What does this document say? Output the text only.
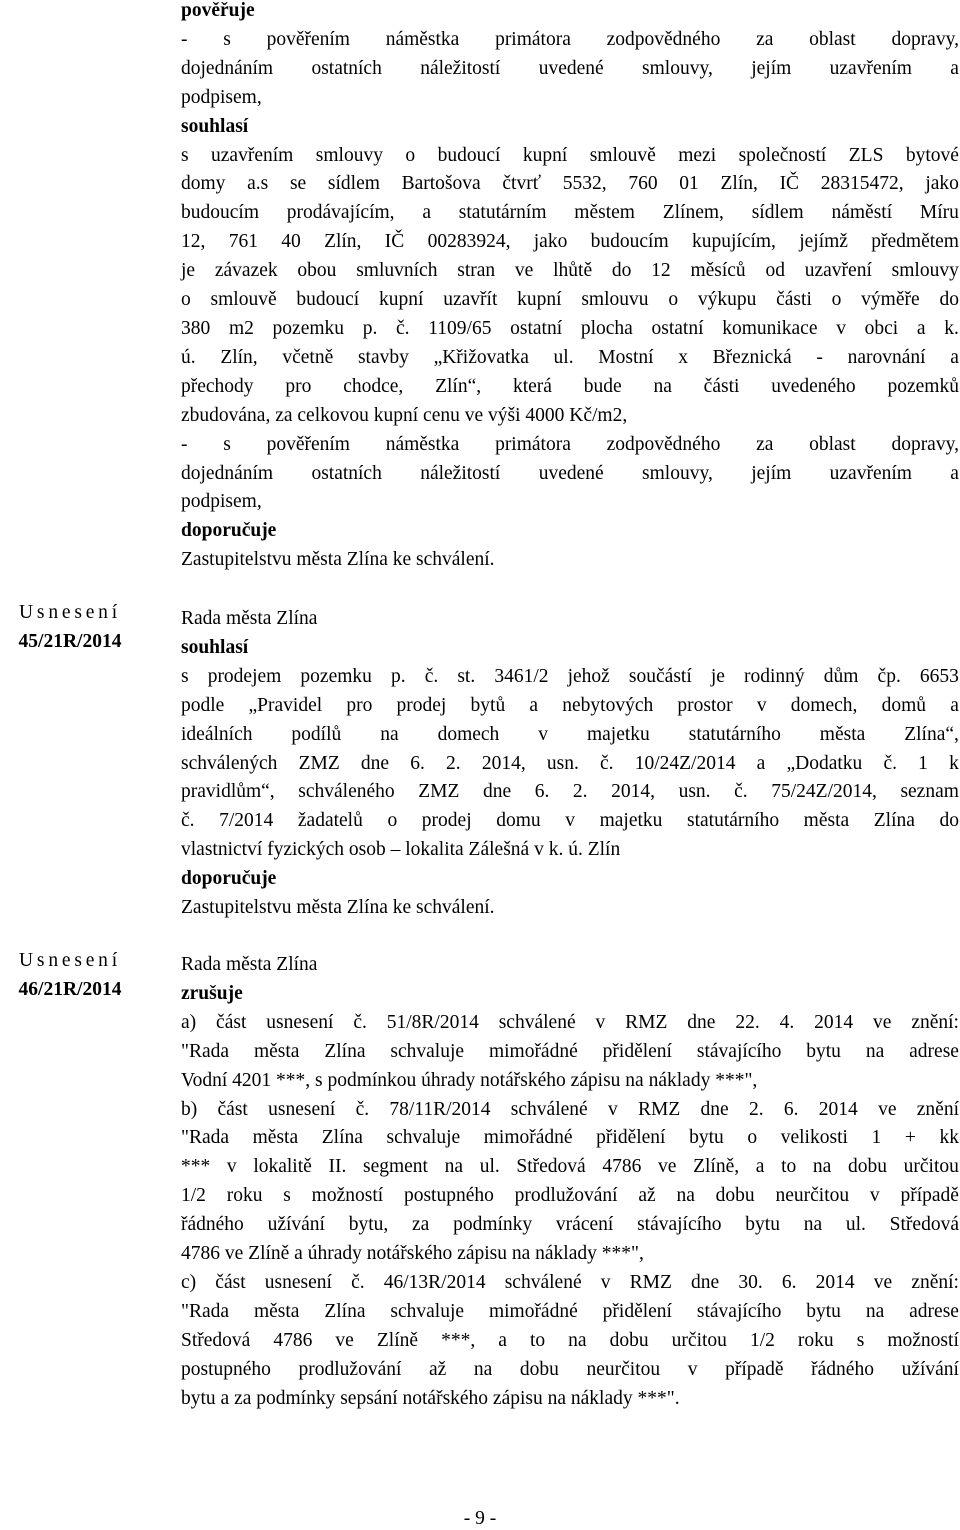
pověřuje
- s pověřením náměstka primátora zodpovědného za oblast dopravy,
dojednáním ostatních náležitostí uvedené smlouvy, jejím uzavřením a
podpisem,
souhlasí
s uzavřením smlouvy o budoucí kupní smlouvě mezi společností ZLS bytové
domy a.s se sídlem Bartošova čtvrť 5532, 760 01 Zlín, IČ 28315472, jako
budoucím prodávajícím, a statutárním městem Zlínem, sídlem náměstí Míru
12, 761 40 Zlín, IČ 00283924, jako budoucím kupujícím, jejímž předmětem
je závazek obou smluvních stran ve lhůtě do 12 měsíců od uzavření smlouvy
o smlouvě budoucí kupní uzavřít kupní smlouvu o výkupu části o výměře do
380 m2 pozemku p. č. 1109/65 ostatní plocha ostatní komunikace v obci a k.
ú. Zlín, včetně stavby „Křižovatka ul. Mostní x Březnická - narovnání a
přechody pro chodce, Zlín“, která bude na části uvedeného pozemků
zbudována, za celkovou kupní cenu ve výši 4000 Kč/m2,
- s pověřením náměstka primátora zodpovědného za oblast dopravy,
dojednáním ostatních náležitostí uvedené smlouvy, jejím uzavřením a
podpisem,
doporučuje
Zastupitelstvu města Zlína ke schválení.
Usnesení
45/21R/2014
Rada města Zlína
souhlasí
s prodejem pozemku p. č. st. 3461/2 jehož součástí je rodinný dům čp. 6653
podle „Pravidel pro prodej bytů a nebytových prostor v domech, domů a
ideálních podílů na domech v majetku statutárního města Zlína“,
schválených ZMZ dne 6. 2. 2014, usn. č. 10/24Z/2014 a „Dodatku č. 1 k
pravidlům“, schváleného ZMZ dne 6. 2. 2014, usn. č. 75/24Z/2014, seznam
č. 7/2014 žadatelů o prodej domu v majetku statutárního města Zlína do
vlastnictví fyzických osob – lokalita Zálešná v k. ú. Zlín
doporučuje
Zastupitelstvu města Zlína ke schválení.
Usnesení
46/21R/2014
Rada města Zlína
zrušuje
a) část usnesení č. 51/8R/2014 schválené v RMZ dne 22. 4. 2014 ve znění:
"Rada města Zlína schvaluje mimořádné přidělení stávajícího bytu na adrese
Vodní 4201 ***, s podmínkou úhrady notářského zápisu na náklady ***",
b) část usnesení č. 78/11R/2014 schválené v RMZ dne 2. 6. 2014 ve znění
"Rada města Zlína schvaluje mimořádné přidělení bytu o velikosti 1 + kk
*** v lokalitě II. segment na ul. Středová 4786 ve Zlíně, a to na dobu určitou
1/2 roku s možností postupného prodlužování až na dobu neurčitou v případě
řádného užívání bytu, za podmínky vrácení stávajícího bytu na ul. Středová
4786 ve Zlíně a úhrady notářského zápisu na náklady ***",
c) část usnesení č. 46/13R/2014 schválené v RMZ dne 30. 6. 2014 ve znění:
"Rada města Zlína schvaluje mimořádné přidělení stávajícího bytu na adrese
Středová 4786 ve Zlíně ***, a to na dobu určitou 1/2 roku s možností
postupného prodlužování až na dobu neurčitou v případě řádného užívání
bytu a za podmínky sepsání notářského zápisu na náklady ***".
- 9 -
